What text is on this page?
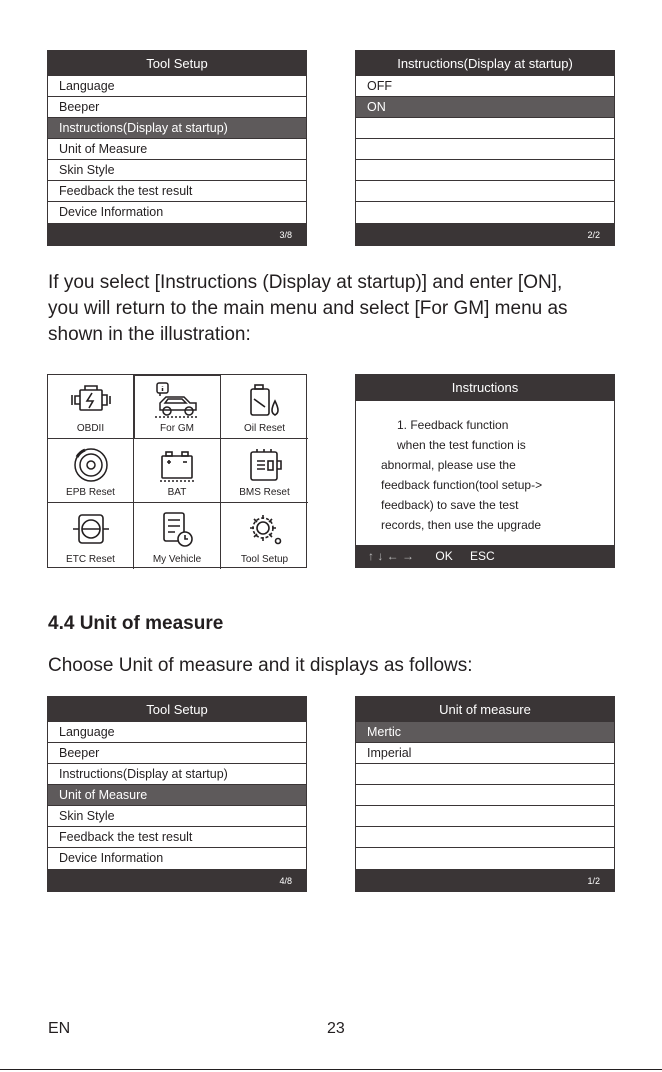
Tool Setup
Language
Beeper
Instructions(Display at startup)
Unit of Measure
Skin Style
Feedback the test result
Device Information
3/8
Instructions(Display at startup)
OFF
ON
2/2
If you select [Instructions (Display at startup)] and enter [ON],
you will return to the main menu and select [For GM] menu as
shown in the illustration:
OBDII	For GM	Oil Reset
EPB Reset	BAT	BMS Reset
ETC Reset	My Vehicle	Tool Setup
Instructions
1. Feedback function
when the test function is
abnormal, please use the
feedback function(tool setup->
feedback) to save the test
records, then use the upgrade
↑ ↓ ← → OK ESC
4.4 Unit of measure
Choose Unit of measure and it displays as follows:
Tool Setup
Language
Beeper
Instructions(Display at startup)
Unit of Measure
Skin Style
Feedback the test result
Device Information
4/8
Unit of measure
Mertic
Imperial
1/2
EN	23
